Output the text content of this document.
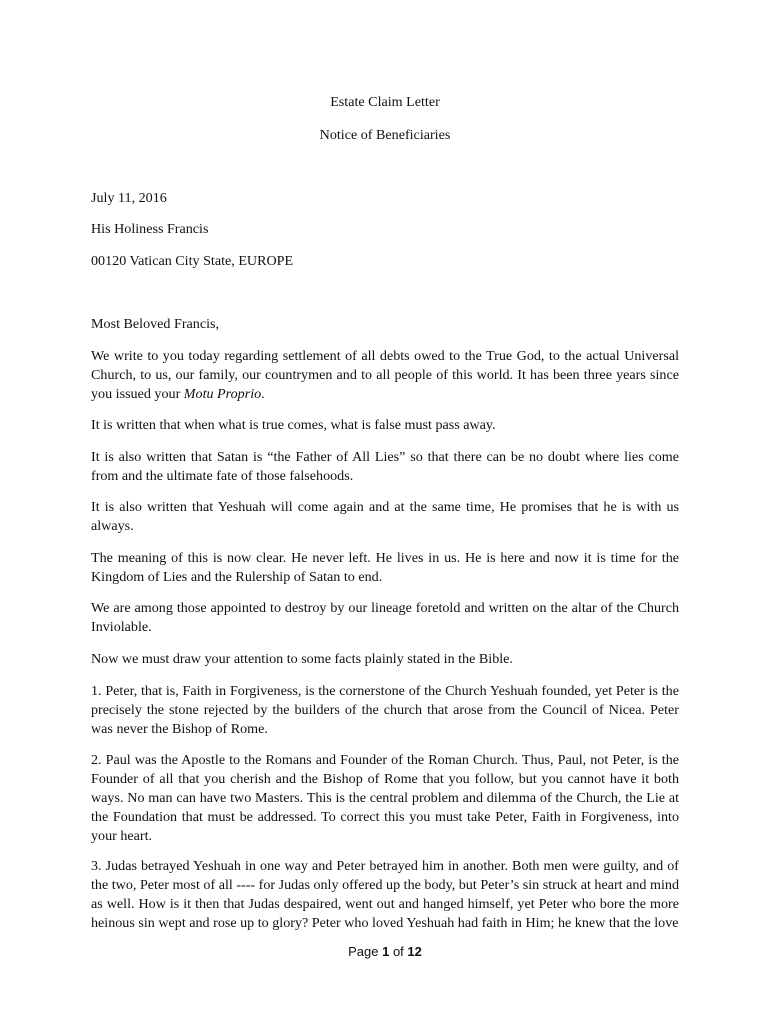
Estate Claim Letter
Notice of Beneficiaries
July 11, 2016
His Holiness Francis
00120 Vatican City State, EUROPE
Most Beloved Francis,

We write to you today regarding settlement of all debts owed to the True God, to the actual Universal Church, to us, our family, our countrymen and to all people of this world. It has been three years since you issued your Motu Proprio.

It is written that when what is true comes, what is false must pass away.

It is also written that Satan is “the Father of All Lies” so that there can be no doubt where lies come from and the ultimate fate of those falsehoods.

It is also written that Yeshuah will come again and at the same time, He promises that he is with us always.

The meaning of this is now clear. He never left. He lives in us. He is here and now it is time for the Kingdom of Lies and the Rulership of Satan to end.

We are among those appointed to destroy by our lineage foretold and written on the altar of the Church Inviolable.

Now we must draw your attention to some facts plainly stated in the Bible.

1. Peter, that is, Faith in Forgiveness, is the cornerstone of the Church Yeshuah founded, yet Peter is the precisely the stone rejected by the builders of the church that arose from the Council of Nicea. Peter was never the Bishop of Rome.

2. Paul was the Apostle to the Romans and Founder of the Roman Church. Thus, Paul, not Peter, is the Founder of all that you cherish and the Bishop of Rome that you follow, but you cannot have it both ways. No man can have two Masters. This is the central problem and dilemma of the Church, the Lie at the Foundation that must be addressed. To correct this you must take Peter, Faith in Forgiveness, into your heart.

3. Judas betrayed Yeshuah in one way and Peter betrayed him in another. Both men were guilty, and of the two, Peter most of all ---- for Judas only offered up the body, but Peter’s sin struck at heart and mind as well. How is it then that Judas despaired, went out and hanged himself, yet Peter who bore the more heinous sin wept and rose up to glory? Peter who loved Yeshuah had faith in Him; he knew that the love

Page 1 of 12
